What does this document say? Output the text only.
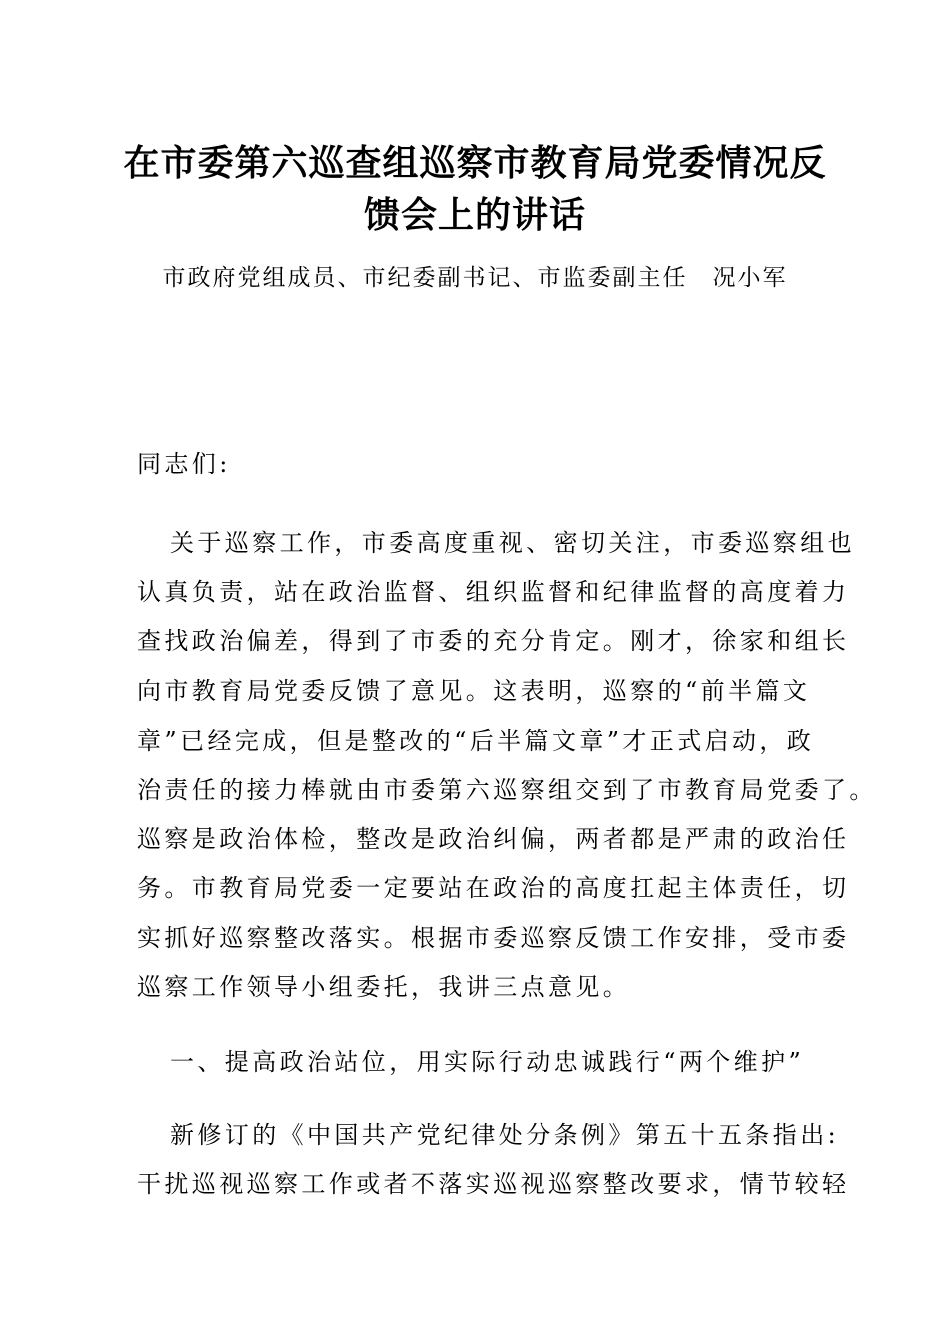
在市委第六巡查组巡察市教育局党委情况反
馈会上的讲话
市政府党组成员、市纪委副书记、市监委副主任　况小军
同志们:
关于巡察工作，市委高度重视、密切关注，市委巡察组也
认真负责，站在政治监督、组织监督和纪律监督的高度着力
查找政治偏差，得到了市委的充分肯定。刚才，徐家和组长
向市教育局党委反馈了意见。这表明，巡察的“前半篇文
章”已经完成，但是整改的“后半篇文章”才正式启动，政
治责任的接力棒就由市委第六巡察组交到了市教育局党委了。
巡察是政治体检，整改是政治纠偏，两者都是严肃的政治任
务。市教育局党委一定要站在政治的高度扛起主体责任，切
实抓好巡察整改落实。根据市委巡察反馈工作安排，受市委
巡察工作领导小组委托，我讲三点意见。
一、提高政治站位，用实际行动忠诚践行“两个维护”
新修订的《中国共产党纪律处分条例》第五十五条指出:
干扰巡视巡察工作或者不落实巡视巡察整改要求，情节较轻
